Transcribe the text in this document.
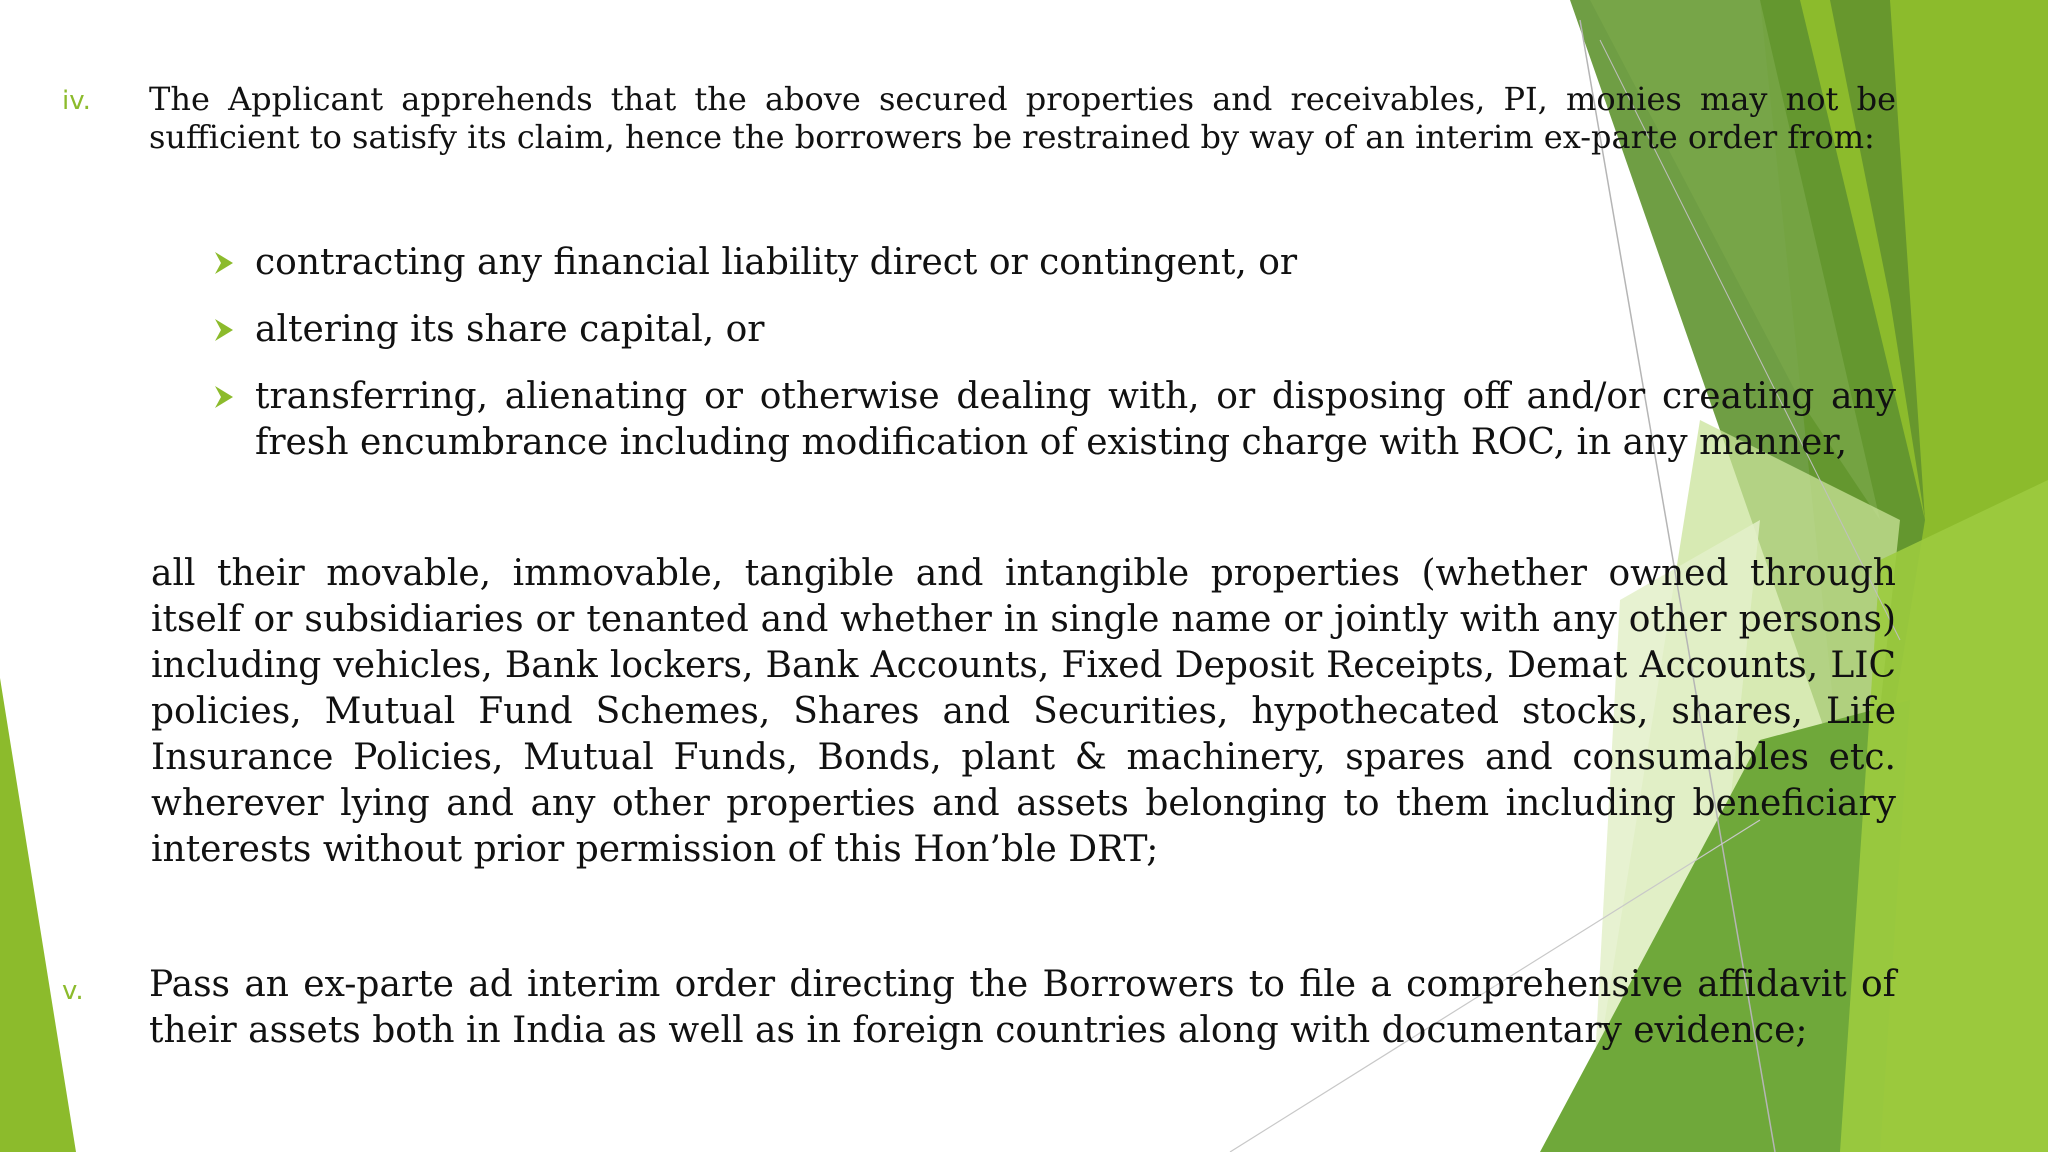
iv. The Applicant apprehends that the above secured properties and receivables, PI, monies may not be sufficient to satisfy its claim, hence the borrowers be restrained by way of an interim ex-parte order from:
contracting any financial liability direct or contingent, or
altering its share capital, or
transferring, alienating or otherwise dealing with, or disposing off and/or creating any fresh encumbrance including modification of existing charge with ROC, in any manner,
all their movable, immovable, tangible and intangible properties (whether owned through itself or subsidiaries or tenanted and whether in single name or jointly with any other persons) including vehicles, Bank lockers, Bank Accounts, Fixed Deposit Receipts, Demat Accounts, LIC policies, Mutual Fund Schemes, Shares and Securities, hypothecated stocks, shares, Life Insurance Policies, Mutual Funds, Bonds, plant & machinery, spares and consumables etc. wherever lying and any other properties and assets belonging to them including beneficiary interests without prior permission of this Hon’ble DRT;
v. Pass an ex-parte ad interim order directing the Borrowers to file a comprehensive affidavit of their assets both in India as well as in foreign countries along with documentary evidence;
